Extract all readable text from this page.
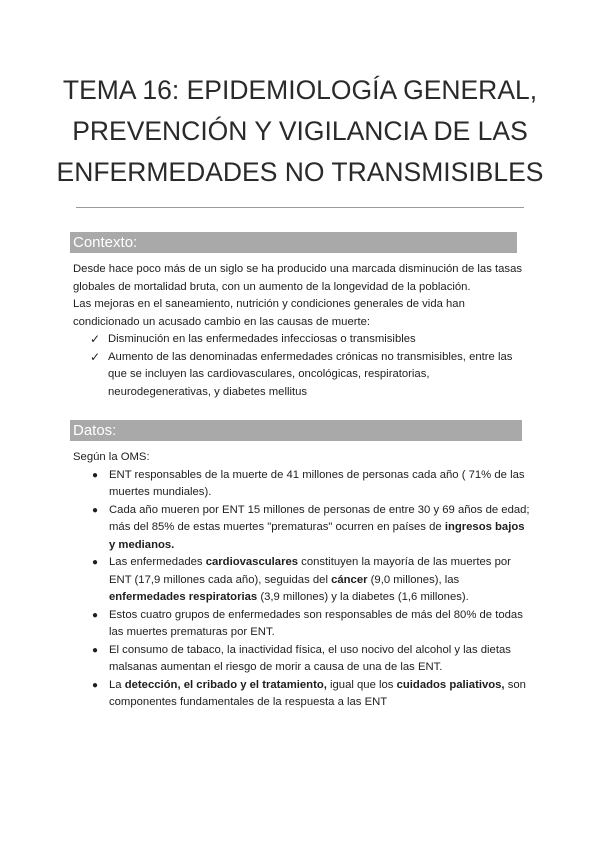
TEMA 16: EPIDEMIOLOGÍA GENERAL,
PREVENCIÓN Y VIGILANCIA DE LAS
ENFERMEDADES NO TRANSMISIBLES
Contexto:

Desde hace poco más de un siglo se ha producido una marcada disminución de las tasas globales de mortalidad bruta, con un aumento de la longevidad de la población.

Las mejoras en el saneamiento, nutrición y condiciones generales de vida han condicionado un acusado cambio en las causas de muerte:

✓ Disminución en las enfermedades infecciosas o transmisibles
✓ Aumento de las denominadas enfermedades crónicas no transmisibles, entre las que se incluyen las cardiovasculares, oncológicas, respiratorias, neurodegenerativas, y diabetes mellitus
Datos:

Según la OMS:

● ENT responsables de la muerte de 41 millones de personas cada año ( 71% de las muertes mundiales).
● Cada año mueren por ENT 15 millones de personas de entre 30 y 69 años de edad; más del 85% de estas muertes "prematuras" ocurren en países de ingresos bajos y medianos.
● Las enfermedades cardiovasculares constituyen la mayoría de las muertes por ENT (17,9 millones cada año), seguidas del cáncer (9,0 millones), las enfermedades respiratorias (3,9 millones) y la diabetes (1,6 millones).
● Estos cuatro grupos de enfermedades son responsables de más del 80% de todas las muertes prematuras por ENT.
● El consumo de tabaco, la inactividad física, el uso nocivo del alcohol y las dietas malsanas aumentan el riesgo de morir a causa de una de las ENT.
● La detección, el cribado y el tratamiento, igual que los cuidados paliativos, son componentes fundamentales de la respuesta a las ENT
